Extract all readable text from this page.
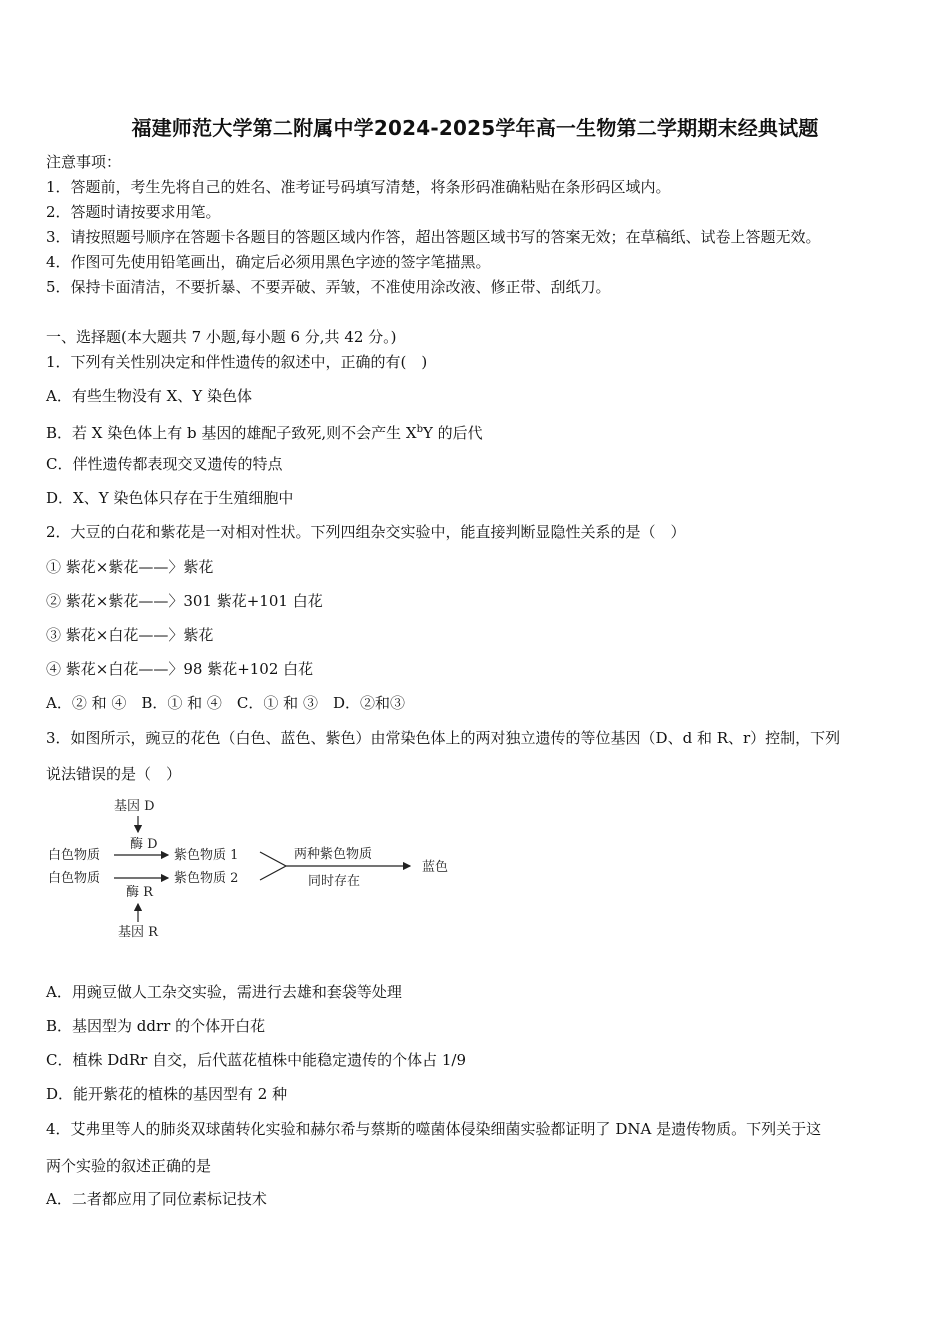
福建师范大学第二附属中学2024-2025学年高一生物第二学期期末经典试题
注意事项：
1．答题前，考生先将自己的姓名、准考证号码填写清楚，将条形码准确粘贴在条形码区域内。
2．答题时请按要求用笔。
3．请按照题号顺序在答题卡各题目的答题区域内作答，超出答题区域书写的答案无效；在草稿纸、试卷上答题无效。
4．作图可先使用铅笔画出，确定后必须用黑色字迹的签字笔描黑。
5．保持卡面清洁，不要折暴、不要弄破、弄皱，不准使用涂改液、修正带、刮纸刀。
一、选择题(本大题共 7 小题,每小题 6 分,共 42 分。)
1．下列有关性别决定和伴性遗传的叙述中，正确的有(　)
A．有些生物没有 X、Y 染色体
B．若 X 染色体上有 b 基因的雄配子致死,则不会产生 $X^bY$ 的后代
C．伴性遗传都表现交叉遗传的特点
D．X、Y 染色体只存在于生殖细胞中
2．大豆的白花和紫花是一对相对性状。下列四组杂交实验中，能直接判断显隐性关系的是（　）
① 紫花×紫花——〉紫花
② 紫花×紫花——〉301 紫花+101 白花
③ 紫花×白花——〉紫花
④ 紫花×白花——〉98 紫花+102 白花
A．② 和 ④　B．① 和 ④　C．① 和 ③　D．②和③
3．如图所示，豌豆的花色（白色、蓝色、紫色）由常染色体上的两对独立遗传的等位基因（D、d 和 R、r）控制，下列
说法错误的是（　）
基因 D
酶 D
白色物质	紫色物质 1
白色物质	紫色物质 2
两种紫色物质
同时存在
蓝色
酶 R
基因 R
A．用豌豆做人工杂交实验，需进行去雄和套袋等处理
B．基因型为 ddrr 的个体开白花
C．植株 DdRr 自交，后代蓝花植株中能稳定遗传的个体占 1/9
D．能开紫花的植株的基因型有 2 种
4．艾弗里等人的肺炎双球菌转化实验和赫尔希与蔡斯的噬菌体侵染细菌实验都证明了 DNA 是遗传物质。下列关于这
两个实验的叙述正确的是
A．二者都应用了同位素标记技术
